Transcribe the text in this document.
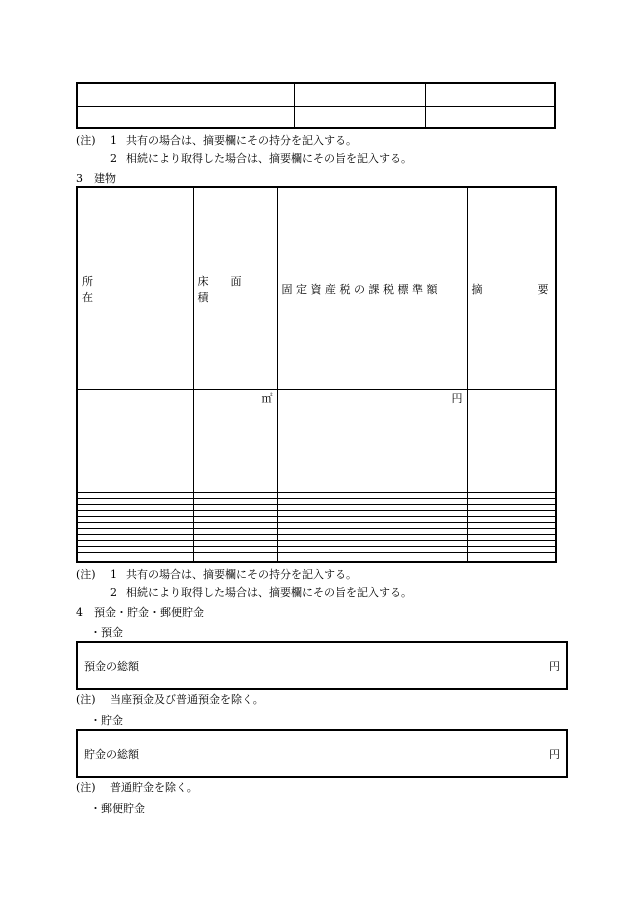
(注) 1 共有の場合は、摘要欄にその持分を記入する。
2 相続により取得した場合は、摘要欄にその旨を記入する。
3 建物
所　　　　　　　　在	床　　面　　積	固 定 資 産 税 の 課 税 標 準 額	摘　　　　　要
	㎡	円	

(注) 1 共有の場合は、摘要欄にその持分を記入する。
2 相続により取得した場合は、摘要欄にその旨を記入する。
4 預金・貯金・郵便貯金
・預金
預金の総額	円
(注) 当座預金及び普通預金を除く。
・貯金
貯金の総額	円
(注) 普通貯金を除く。
・郵便貯金
